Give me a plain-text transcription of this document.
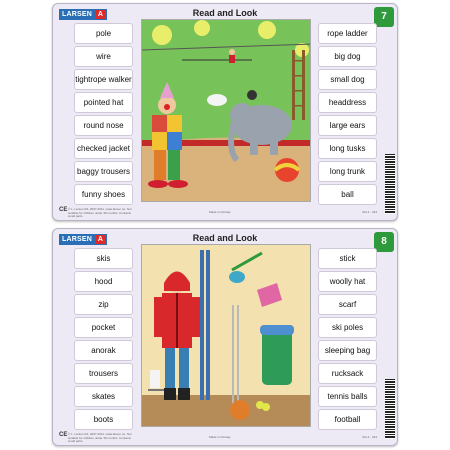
LARSEN A	Read and Look	7
pole
wire
tightrope walker
pointed hat
round nose
checked jacket
baggy trousers
funny shoes
rope ladder
big dog
small dog
headdress
large ears
long tusks
long trunk
ball
CE © L. Larsen AS, 2007-2011. www.larsen.no. Not suitable for children under 36 months. Contains small parts.
Made in Norway	RH 4 - 323
LARSEN A	Read and Look	8
skis
hood
zip
pocket
anorak
trousers
skates
boots
stick
woolly hat
scarf
ski poles
sleeping bag
rucksack
tennis balls
football
CE © L. Larsen AS, 2007-2011. www.larsen.no. Not suitable for children under 36 months. Contains small parts.
Made in Norway	RH 4 - 323
